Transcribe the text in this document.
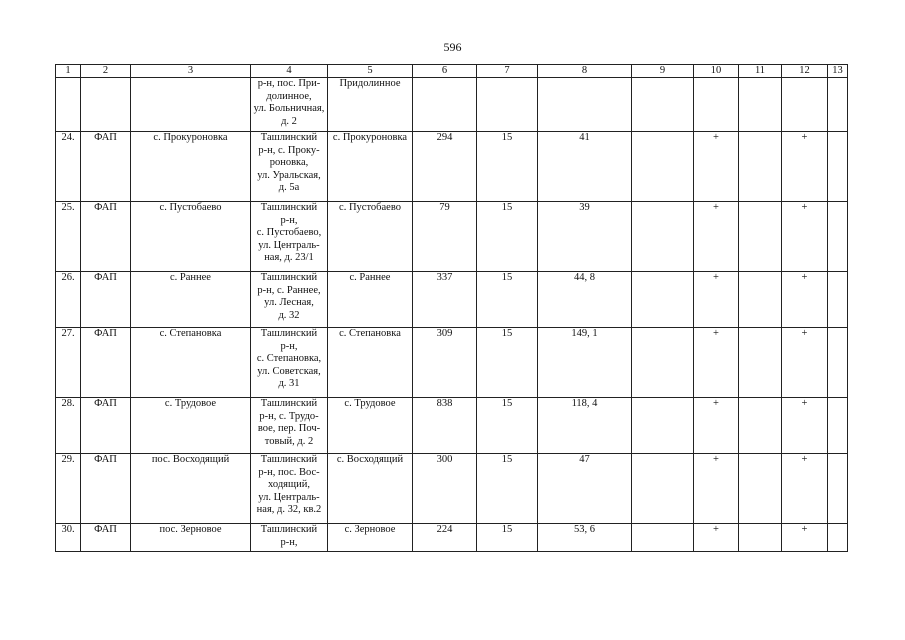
596
1	2	3	4	5	6	7	8	9	10	11	12	13
			р-н, пос. При-
долинное,
ул. Больничная,
д. 2	Придолинное								
24.	ФАП	с. Прокуроновка	Ташлинский
р-н, с. Проку-
роновка,
ул. Уральская,
д. 5а	с. Прокуроновка	294	15	41		+		+	
25.	ФАП	с. Пустобаево	Ташлинский
р-н,
с. Пустобаево,
ул. Централь-
ная, д. 23/1	с. Пустобаево	79	15	39		+		+	
26.	ФАП	с. Раннее	Ташлинский
р-н, с. Раннее,
ул. Лесная,
д. 32	с. Раннее	337	15	44, 8		+		+	
27.	ФАП	с. Степановка	Ташлинский
р-н,
с. Степановка,
ул. Советская,
д. 31	с. Степановка	309	15	149, 1		+		+	
28.	ФАП	с. Трудовое	Ташлинский
р-н, с. Трудо-
вое, пер. Поч-
товый, д. 2	с. Трудовое	838	15	118, 4		+		+	
29.	ФАП	пос. Восходящий	Ташлинский
р-н, пос. Вос-
ходящий,
ул. Централь-
ная, д. 32, кв.2	с. Восходящий	300	15	47		+		+	
30.	ФАП	пос. Зерновое	Ташлинский
р-н,	с. Зерновое	224	15	53, 6		+		+	
